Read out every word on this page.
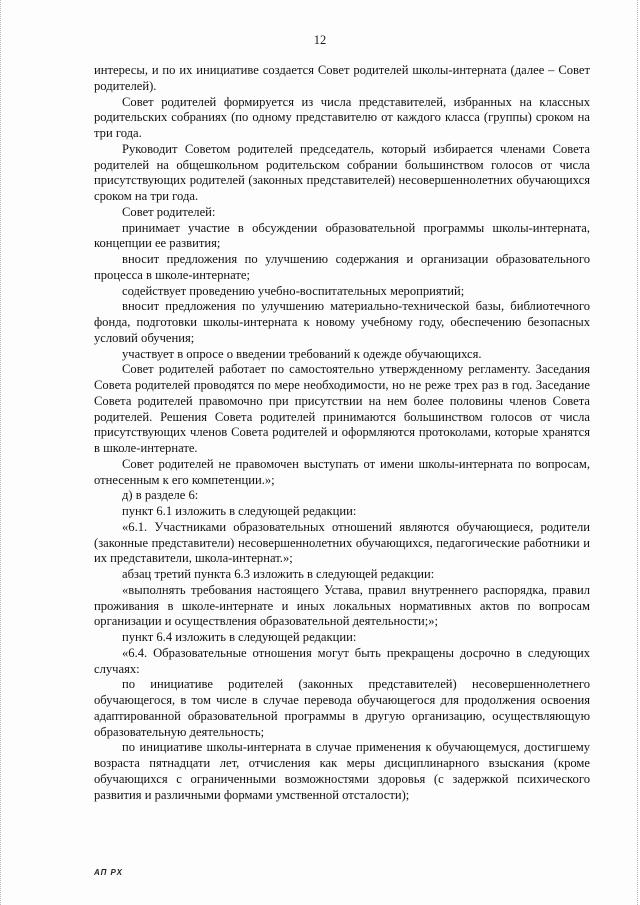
12

интересы, и по их инициативе создается Совет родителей школы-интерната (далее – Совет родителей).

Совет родителей формируется из числа представителей, избранных на классных родительских собраниях (по одному представителю от каждого класса (группы) сроком на три года.

Руководит Советом родителей председатель, который избирается членами Совета родителей на общешкольном родительском собрании большинством голосов от числа присутствующих родителей (законных представителей) несовершеннолетних обучающихся сроком на три года.

Совет родителей:

принимает участие в обсуждении образовательной программы школы-интерната, концепции ее развития;

вносит предложения по улучшению содержания и организации образовательного процесса в школе-интернате;

содействует проведению учебно-воспитательных мероприятий;

вносит предложения по улучшению материально-технической базы, библиотечного фонда, подготовки школы-интерната к новому учебному году, обеспечению безопасных условий обучения;

участвует в опросе о введении требований к одежде обучающихся.

Совет родителей работает по самостоятельно утвержденному регламенту. Заседания Совета родителей проводятся по мере необходимости, но не реже трех раз в год. Заседание Совета родителей правомочно при присутствии на нем более половины членов Совета родителей. Решения Совета родителей принимаются большинством голосов от числа присутствующих членов Совета родителей и оформляются протоколами, которые хранятся в школе-интернате.

Совет родителей не правомочен выступать от имени школы-интерната по вопросам, отнесенным к его компетенции.»;

д) в разделе 6:

пункт 6.1 изложить в следующей редакции:

«6.1. Участниками образовательных отношений являются обучающиеся, родители (законные представители) несовершеннолетних обучающихся, педагогические работники и их представители, школа-интернат.»;

абзац третий пункта 6.3 изложить в следующей редакции:

«выполнять требования настоящего Устава, правил внутреннего распорядка, правил проживания в школе-интернате и иных локальных нормативных актов по вопросам организации и осуществления образовательной деятельности;»;

пункт 6.4 изложить в следующей редакции:

«6.4. Образовательные отношения могут быть прекращены досрочно в следующих случаях:

по инициативе родителей (законных представителей) несовершеннолетнего обучающегося, в том числе в случае перевода обучающегося для продолжения освоения адаптированной образовательной программы в другую организацию, осуществляющую образовательную деятельность;

по инициативе школы-интерната в случае применения к обучающемуся, достигшему возраста пятнадцати лет, отчисления как меры дисциплинарного взыскания (кроме обучающихся с ограниченными возможностями здоровья (с задержкой психического развития и различными формами умственной отсталости);

АП РХ
